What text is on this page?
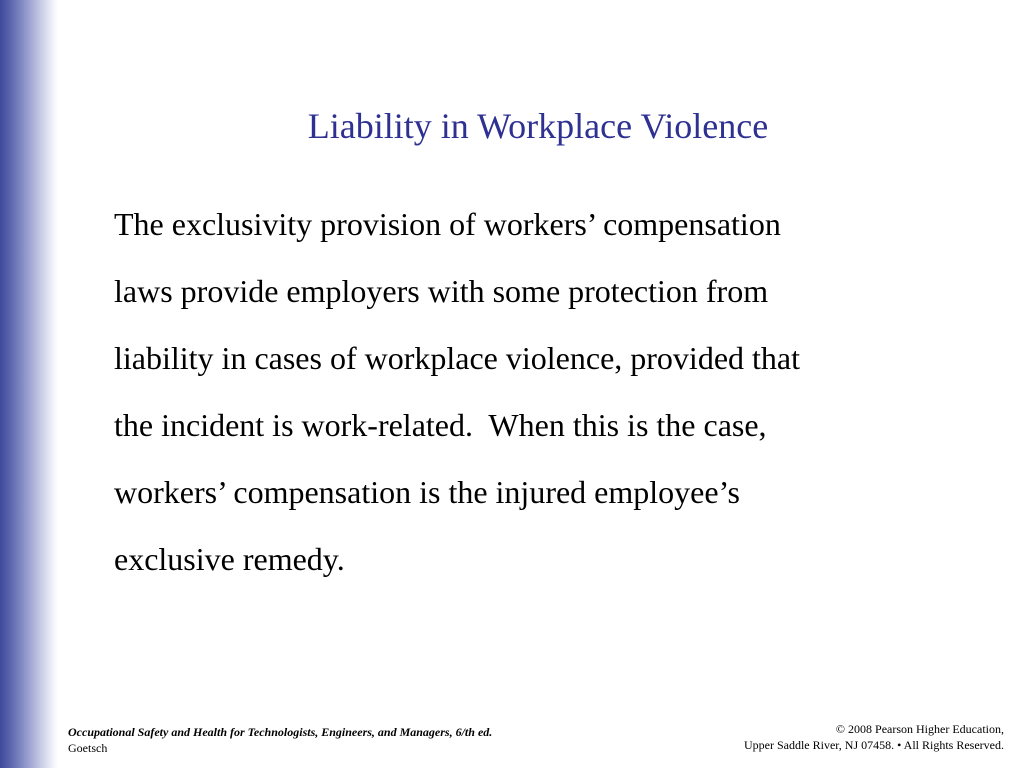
Liability in Workplace Violence
The exclusivity provision of workers’ compensation
laws provide employers with some protection from
liability in cases of workplace violence, provided that
the incident is work-related.  When this is the case,
workers’ compensation is the injured employee’s
exclusive remedy.
Occupational Safety and Health for Technologists, Engineers, and Managers, 6/th ed.
Goetsch
© 2008 Pearson Higher Education,
Upper Saddle River, NJ 07458. • All Rights Reserved.
